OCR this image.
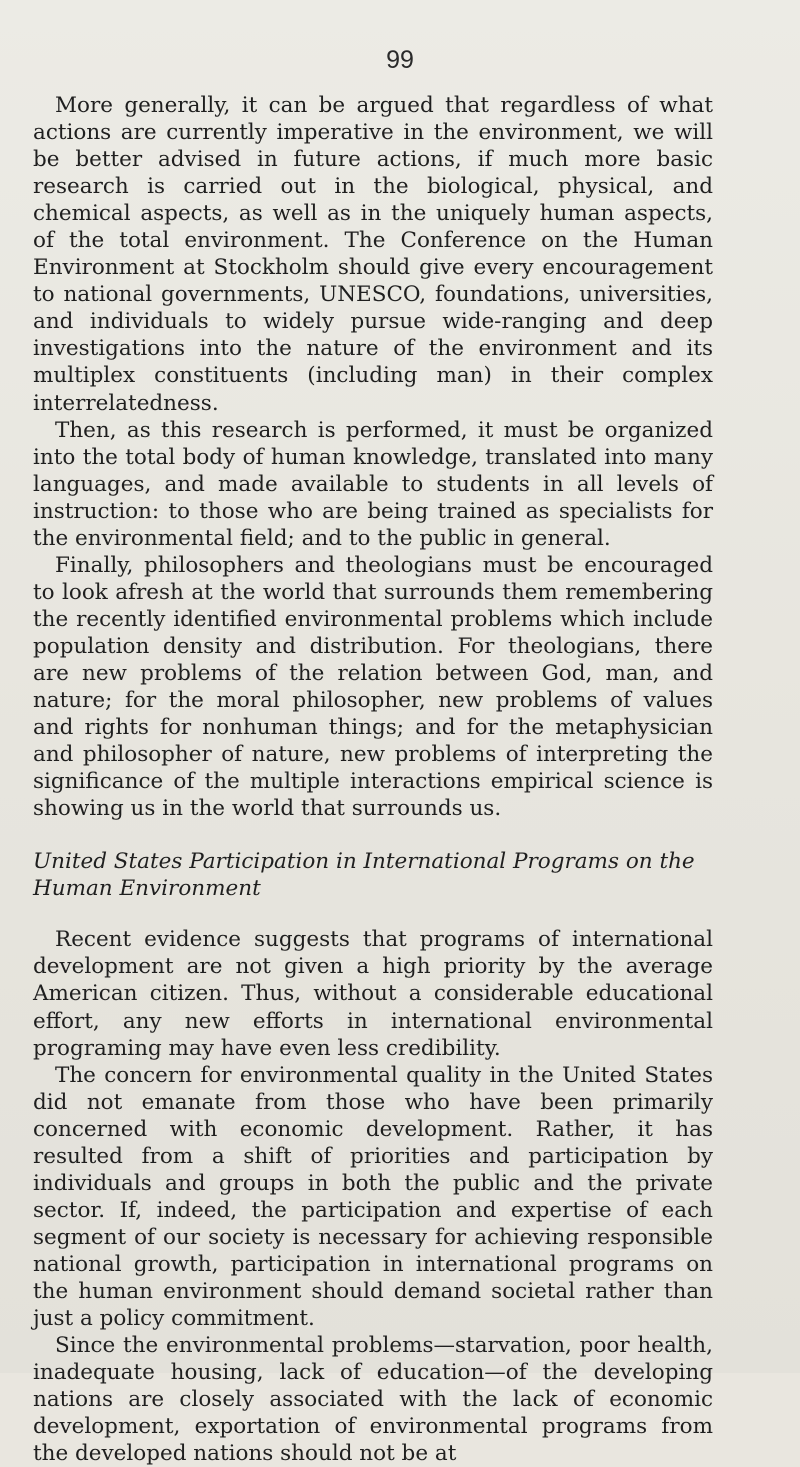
99

More generally, it can be argued that regardless of what actions are currently imperative in the environment, we will be better advised in future actions, if much more basic research is carried out in the biological, physical, and chemical aspects, as well as in the uniquely human aspects, of the total environment. The Conference on the Human Environment at Stockholm should give every encouragement to national governments, UNESCO, foundations, universities, and individuals to widely pursue wide-ranging and deep investigations into the nature of the environment and its multiplex constituents (including man) in their complex interrelatedness.

Then, as this research is performed, it must be organized into the total body of human knowledge, translated into many languages, and made available to students in all levels of instruction: to those who are being trained as specialists for the environmental field; and to the public in general.

Finally, philosophers and theologians must be encouraged to look afresh at the world that surrounds them remembering the recently identified environmental problems which include population density and distribution. For theologians, there are new problems of the relation between God, man, and nature; for the moral philosopher, new problems of values and rights for nonhuman things; and for the metaphysician and philosopher of nature, new problems of interpreting the significance of the multiple interactions empirical science is showing us in the world that surrounds us.

United States Participation in International Programs on the Human Environment

Recent evidence suggests that programs of international development are not given a high priority by the average American citizen. Thus, without a considerable educational effort, any new efforts in international environmental programing may have even less credibility.

The concern for environmental quality in the United States did not emanate from those who have been primarily concerned with economic development. Rather, it has resulted from a shift of priorities and participation by individuals and groups in both the public and the private sector. If, indeed, the participation and expertise of each segment of our society is necessary for achieving responsible national growth, participation in international programs on the human environment should demand societal rather than just a policy commitment.

Since the environmental problems—starvation, poor health, inadequate housing, lack of education—of the developing nations are closely associated with the lack of economic development, exportation of environmental programs from the developed nations should not be at
